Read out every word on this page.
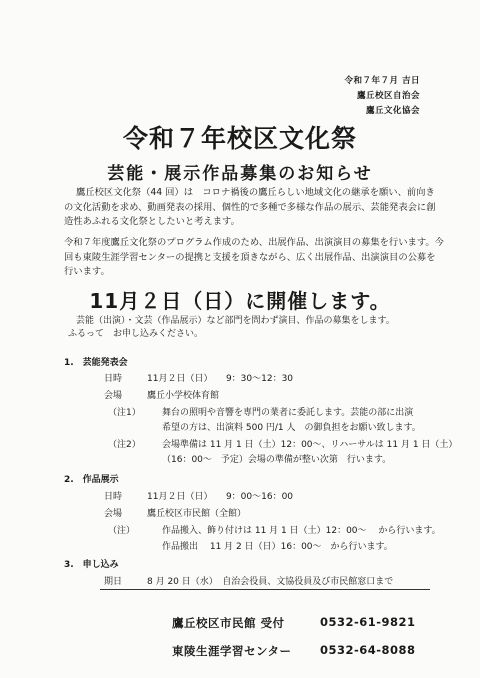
令和７年７月 吉日
鷹丘校区自治会
鷹丘文化協会
令和７年校区文化祭
芸能・展示作品募集のお知らせ
鷹丘校区文化祭（44 回）は　コロナ禍後の鷹丘らしい地域文化の継承を願い、前向きの文化活動を求め、動画発表の採用、個性的で多種で多様な作品の展示、芸能発表会に創造性あふれる文化祭としたいと考えます。
令和７年度鷹丘文化祭のプログラム作成のため、出展作品、出演演目の募集を行います。今回も東陵生涯学習センターの提携と支援を頂きながら、広く出展作品、出演演目の公募を行います。
11月２日（日）に開催します。
芸能（出演）・文芸（作品展示）など部門を問わず演目、作品の募集をします。
ふるって　お申し込みください。
1.　芸能発表会
日時	11月２日（日）　　9：30～12：30
会場	鷹丘小学校体育館
（注1） 舞台の照明や音響を専門の業者に委託します。芸能の部に出演
希望の方は、出演料 500 円/1 人　の御負担をお願い致します。
（注2） 会場準備は 11 月 1 日（土）12：00～、リハーサルは 11 月 1 日（土）
（16：00～　予定）会場の準備が整い次第　行います。
2.　作品展示
日時	11月２日（日）　　9：00～16：00
会場	鷹丘校区市民館（全館）
（注）	作品搬入、飾り付けは 11 月 1 日（土）12：00～　 から行います。
作品搬出　 11 月 2 日（日）16：00～　から行います。
3.　申し込み
期日	8 月 20 日（水）　自治会役員、文協役員及び市民館窓口まで
鷹丘校区市民館 受付	0532-61-9821
東陵生涯学習センター 0532-64-8088
